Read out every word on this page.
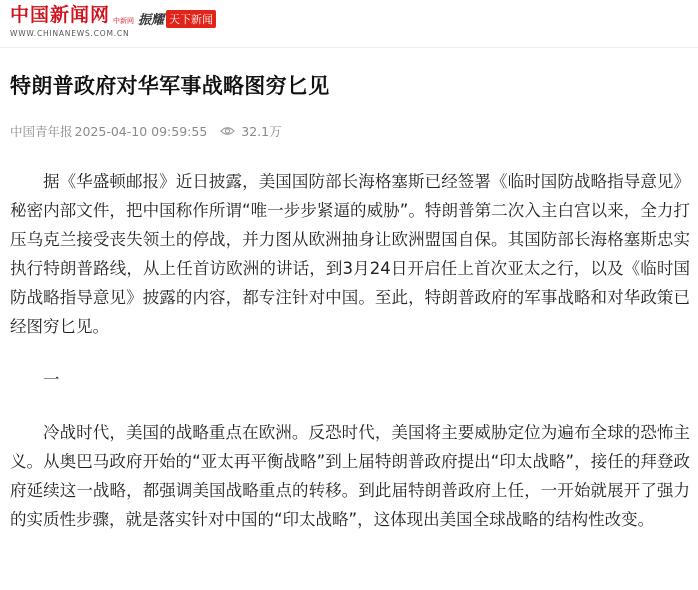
中国新闻网 中新网
WWW.CHINANEWS.COM.CN
振耀 天下新闻
特朗普政府对华军事战略图穷匕见
中国青年报 2025-04-10 09:59:55	32.1万

据《华盛顿邮报》近日披露，美国国防部长海格塞斯已经签署《临时国防战略指导意见》秘密内部文件，把中国称作所谓“唯一步步紧逼的威胁”。特朗普第二次入主白宫以来，全力打压乌克兰接受丧失领土的停战，并力图从欧洲抽身让欧洲盟国自保。其国防部长海格塞斯忠实执行特朗普路线，从上任首访欧洲的讲话，到3月24日开启任上首次亚太之行，以及《临时国防战略指导意见》披露的内容，都专注针对中国。至此，特朗普政府的军事战略和对华政策已经图穷匕见。

一

冷战时代，美国的战略重点在欧洲。反恐时代，美国将主要威胁定位为遍布全球的恐怖主义。从奥巴马政府开始的“亚太再平衡战略”到上届特朗普政府提出“印太战略”，接任的拜登政府延续这一战略，都强调美国战略重点的转移。到此届特朗普政府上任，一开始就展开了强力的实质性步骤，就是落实针对中国的“印太战略”，这体现出美国全球战略的结构性改变。
